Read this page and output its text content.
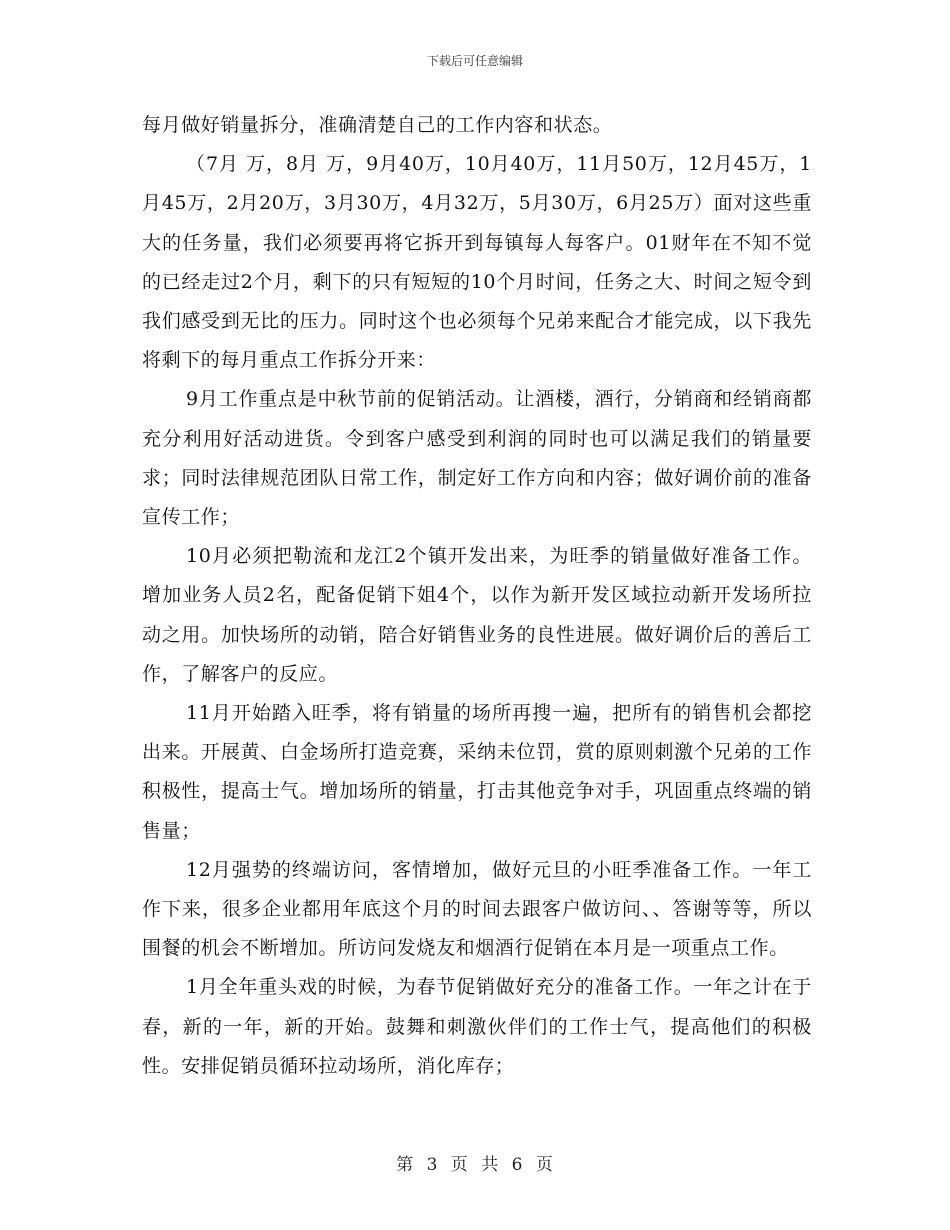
下载后可任意编辑

每月做好销量拆分，准确清楚自己的工作内容和状态。

（7月 万，8月 万，9月40万，10月40万，11月50万，12月45万，1月45万，2月20万，3月30万，4月32万，5月30万，6月25万）面对这些重大的任务量，我们必须要再将它拆开到每镇每人每客户。01财年在不知不觉的已经走过2个月，剩下的只有短短的10个月时间，任务之大、时间之短令到我们感受到无比的压力。同时这个也必须每个兄弟来配合才能完成，以下我先将剩下的每月重点工作拆分开来：

9月工作重点是中秋节前的促销活动。让酒楼，酒行，分销商和经销商都充分利用好活动进货。令到客户感受到利润的同时也可以满足我们的销量要求；同时法律规范团队日常工作，制定好工作方向和内容；做好调价前的准备宣传工作；

10月必须把勒流和龙江2个镇开发出来，为旺季的销量做好准备工作。增加业务人员2名，配备促销下姐4个，以作为新开发区域拉动新开发场所拉动之用。加快场所的动销，陪合好销售业务的良性进展。做好调价后的善后工作，了解客户的反应。

11月开始踏入旺季，将有销量的场所再搜一遍，把所有的销售机会都挖出来。开展黄、白金场所打造竞赛，采纳未位罚，赏的原则刺激个兄弟的工作积极性，提高士气。增加场所的销量，打击其他竞争对手，巩固重点终端的销售量；

12月强势的终端访问，客情增加，做好元旦的小旺季准备工作。一年工作下来，很多企业都用年底这个月的时间去跟客户做访问、、答谢等等，所以围餐的机会不断增加。所访问发烧友和烟酒行促销在本月是一项重点工作。

1月全年重头戏的时候，为春节促销做好充分的准备工作。一年之计在于春，新的一年，新的开始。鼓舞和刺激伙伴们的工作士气，提高他们的积极性。安排促销员循环拉动场所，消化库存；

第 3 页 共 6 页
